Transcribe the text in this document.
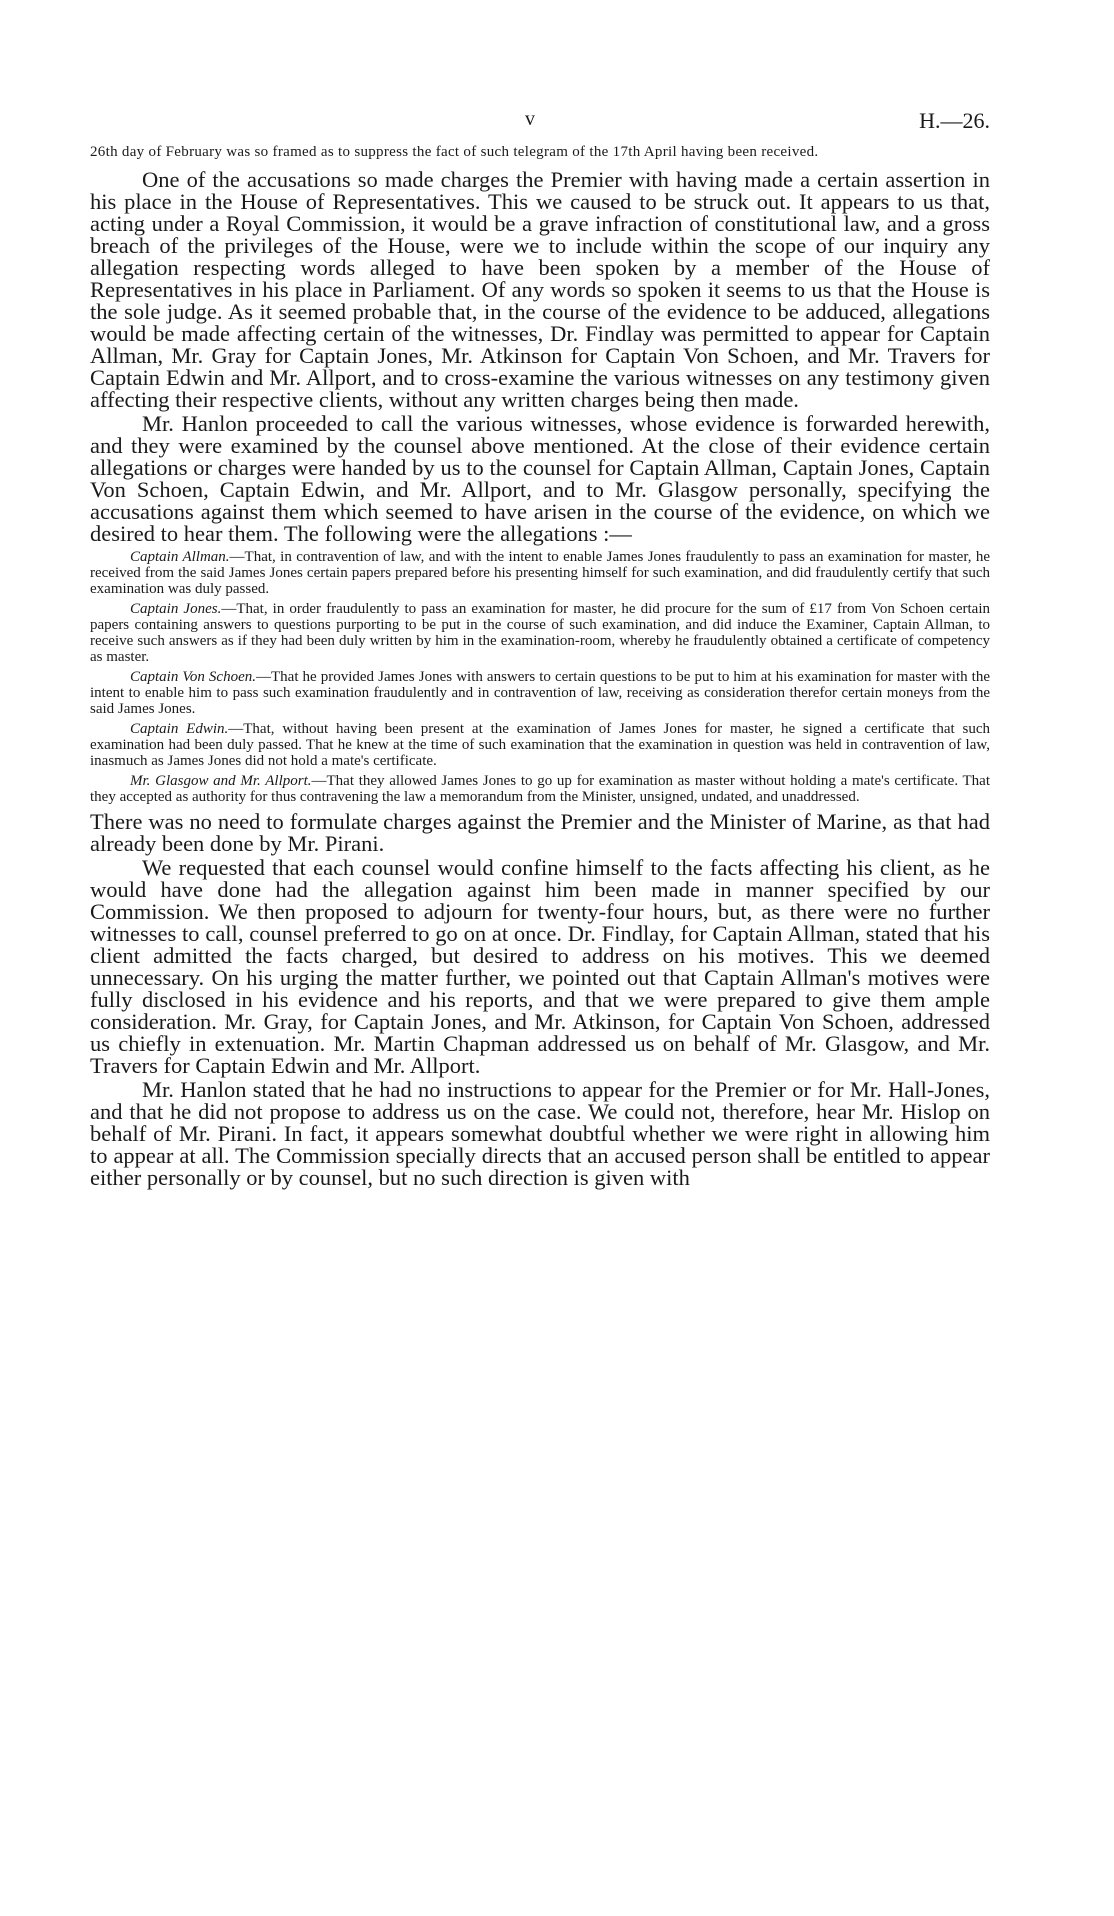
v	H.—26.

26th day of February was so framed as to suppress the fact of such telegram of the 17th April having been received.

One of the accusations so made charges the Premier with having made a certain assertion in his place in the House of Representatives. This we caused to be struck out. It appears to us that, acting under a Royal Commission, it would be a grave infraction of constitutional law, and a gross breach of the privileges of the House, were we to include within the scope of our inquiry any allegation respecting words alleged to have been spoken by a member of the House of Representatives in his place in Parliament. Of any words so spoken it seems to us that the House is the sole judge. As it seemed probable that, in the course of the evidence to be adduced, allegations would be made affecting certain of the witnesses, Dr. Findlay was permitted to appear for Captain Allman, Mr. Gray for Captain Jones, Mr. Atkinson for Captain Von Schoen, and Mr. Travers for Captain Edwin and Mr. Allport, and to cross-examine the various witnesses on any testimony given affecting their respective clients, without any written charges being then made.

Mr. Hanlon proceeded to call the various witnesses, whose evidence is forwarded herewith, and they were examined by the counsel above mentioned. At the close of their evidence certain allegations or charges were handed by us to the counsel for Captain Allman, Captain Jones, Captain Von Schoen, Captain Edwin, and Mr. Allport, and to Mr. Glasgow personally, specifying the accusations against them which seemed to have arisen in the course of the evidence, on which we desired to hear them. The following were the allegations :—

Captain Allman.—That, in contravention of law, and with the intent to enable James Jones fraudulently to pass an examination for master, he received from the said James Jones certain papers prepared before his presenting himself for such examination, and did fraudulently certify that such examination was duly passed.

Captain Jones.—That, in order fraudulently to pass an examination for master, he did procure for the sum of £17 from Von Schoen certain papers containing answers to questions purporting to be put in the course of such examination, and did induce the Examiner, Captain Allman, to receive such answers as if they had been duly written by him in the examination-room, whereby he fraudulently obtained a certificate of competency as master.

Captain Von Schoen.—That he provided James Jones with answers to certain questions to be put to him at his examination for master with the intent to enable him to pass such examination fraudulently and in contravention of law, receiving as consideration therefor certain moneys from the said James Jones.

Captain Edwin.—That, without having been present at the examination of James Jones for master, he signed a certificate that such examination had been duly passed. That he knew at the time of such examination that the examination in question was held in contravention of law, inasmuch as James Jones did not hold a mate's certificate.

Mr. Glasgow and Mr. Allport.—That they allowed James Jones to go up for examination as master without holding a mate's certificate. That they accepted as authority for thus contravening the law a memorandum from the Minister, unsigned, undated, and unaddressed.

There was no need to formulate charges against the Premier and the Minister of Marine, as that had already been done by Mr. Pirani.

We requested that each counsel would confine himself to the facts affecting his client, as he would have done had the allegation against him been made in manner specified by our Commission. We then proposed to adjourn for twenty-four hours, but, as there were no further witnesses to call, counsel preferred to go on at once. Dr. Findlay, for Captain Allman, stated that his client admitted the facts charged, but desired to address on his motives. This we deemed unnecessary. On his urging the matter further, we pointed out that Captain Allman's motives were fully disclosed in his evidence and his reports, and that we were prepared to give them ample consideration. Mr. Gray, for Captain Jones, and Mr. Atkinson, for Captain Von Schoen, addressed us chiefly in extenuation. Mr. Martin Chapman addressed us on behalf of Mr. Glasgow, and Mr. Travers for Captain Edwin and Mr. Allport.

Mr. Hanlon stated that he had no instructions to appear for the Premier or for Mr. Hall-Jones, and that he did not propose to address us on the case. We could not, therefore, hear Mr. Hislop on behalf of Mr. Pirani. In fact, it appears somewhat doubtful whether we were right in allowing him to appear at all. The Commission specially directs that an accused person shall be entitled to appear either personally or by counsel, but no such direction is given with
